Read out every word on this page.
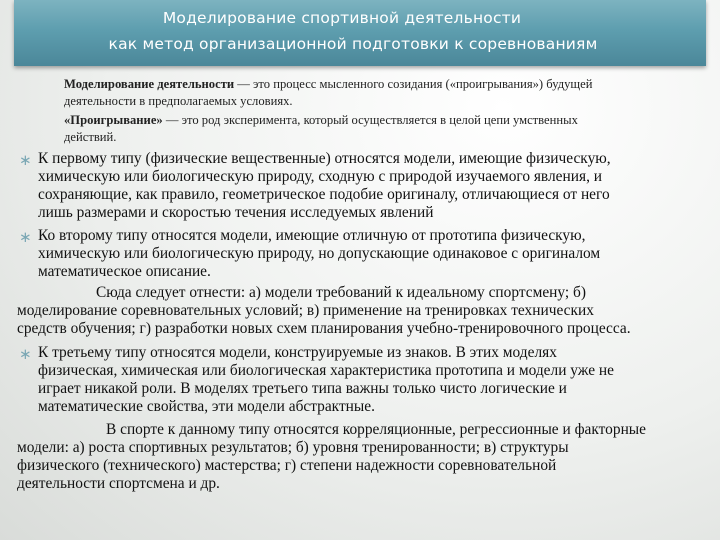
Моделирование спортивной деятельности
как метод организационной подготовки к соревнованиям
Моделирование деятельности — это процесс мысленного созидания («проигрывания») будущей
деятельности в предполагаемых условиях.
«Проигрывание» — это род эксперимента, который осуществляется в целой цепи умственных
действий.
∗ К первому типу (физические вещественные) относятся модели, имеющие физическую,
химическую или биологическую природу, сходную с природой изучаемого явления, и
сохраняющие, как правило, геометрическое подобие оригиналу, отличающиеся от него
лишь размерами и скоростью течения исследуемых явлений
∗ Ко второму типу относятся модели, имеющие отличную от прототипа физическую,
химическую или биологическую природу, но допускающие одинаковое с оригиналом
математическое описание.
Сюда следует отнести: а) модели требований к идеальному спортсмену; б)
моделирование соревновательных условий; в) применение на тренировках технических
средств обучения; г) разработки новых схем планирования учебно-тренировочного процесса.
∗ К третьему типу относятся модели, конструируемые из знаков. В этих моделях
физическая, химическая или биологическая характеристика прототипа и модели уже не
играет никакой роли. В моделях третьего типа важны только чисто логические и
математические свойства, эти модели абстрактные.
В спорте к данному типу относятся корреляционные, регрессионные и факторные
модели: а) роста спортивных результатов; б) уровня тренированности; в) структуры
физического (технического) мастерства; г) степени надежности соревновательной
деятельности спортсмена и др.
